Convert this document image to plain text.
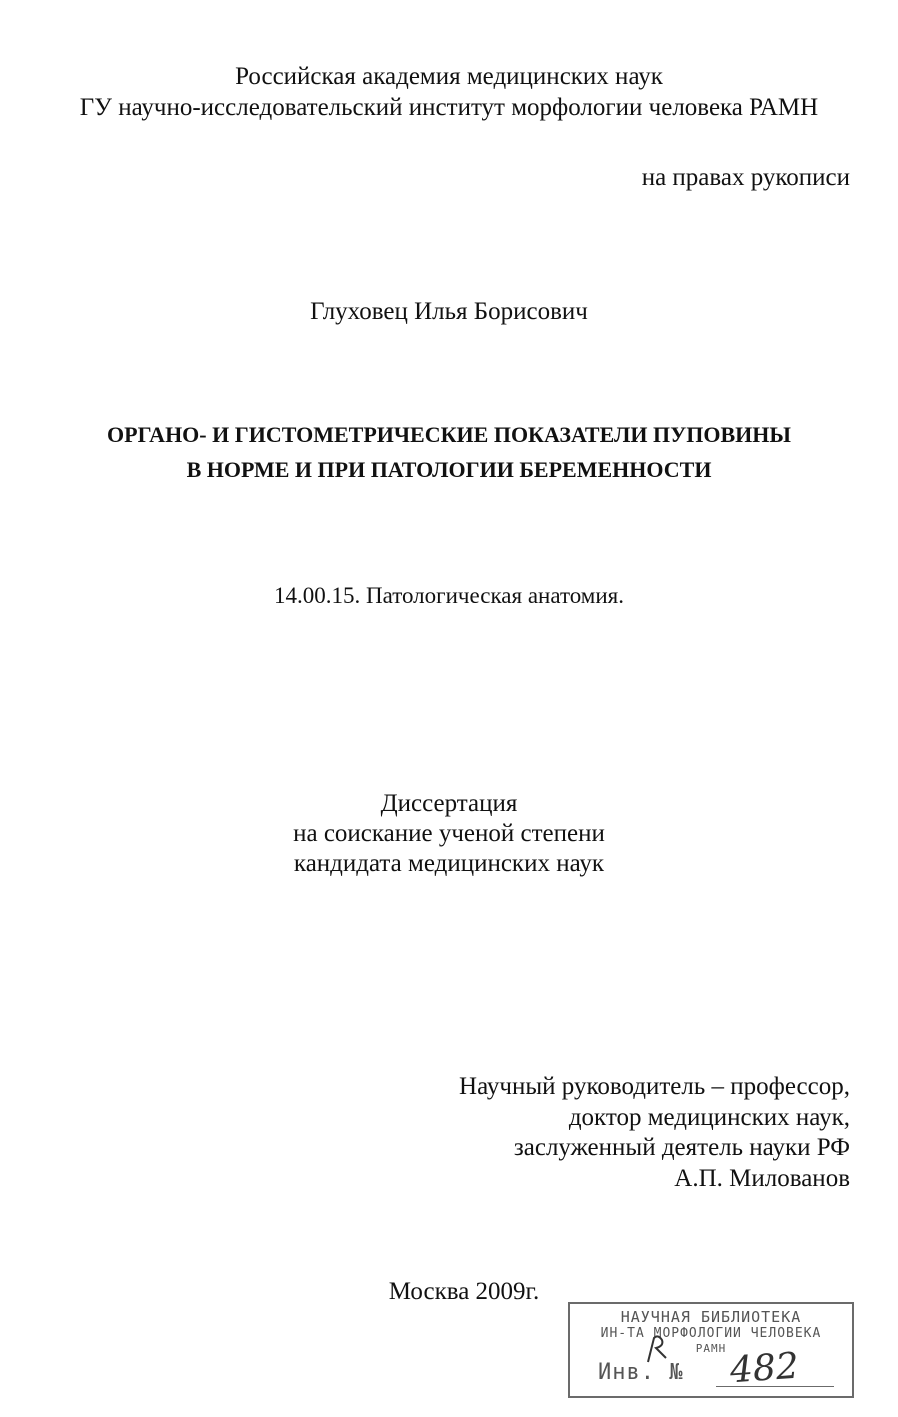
Российская академия медицинских наук
ГУ научно-исследовательский институт морфологии человека РАМН
на правах рукописи
Глуховец Илья Борисович
ОРГАНО- И ГИСТОМЕТРИЧЕСКИЕ ПОКАЗАТЕЛИ ПУПОВИНЫ
В НОРМЕ И ПРИ ПАТОЛОГИИ БЕРЕМЕННОСТИ
14.00.15. Патологическая анатомия.
Диссертация
на соискание ученой степени
кандидата медицинских наук
Научный руководитель – профессор,
доктор медицинских наук,
заслуженный деятель науки РФ
А.П. Милованов
Москва 2009г.
НАУЧНАЯ БИБЛИОТЕКА
ИН-ТА МОРФОЛОГИИ ЧЕЛОВЕКА
РАМН
Инв. № 482
